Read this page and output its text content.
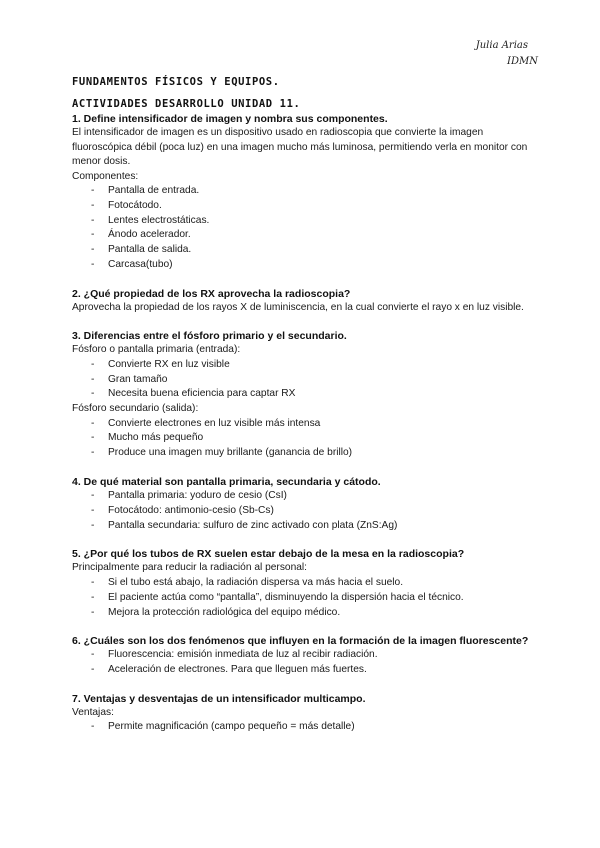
Julia Arias
IDMN
FUNDAMENTOS FÍSICOS Y EQUIPOS.
ACTIVIDADES DESARROLLO UNIDAD 11.
1. Define intensificador de imagen y nombra sus componentes.

El intensificador de imagen es un dispositivo usado en radioscopia que convierte la imagen fluoroscópica débil (poca luz) en una imagen mucho más luminosa, permitiendo verla en monitor con menor dosis.

Componentes:

- Pantalla de entrada.
- Fotocátodo.
- Lentes electrostáticas.
- Ánodo acelerador.
- Pantalla de salida.
- Carcasa(tubo)
2. ¿Qué propiedad de los RX aprovecha la radioscopia?

Aprovecha la propiedad de los rayos X de luminiscencia, en la cual convierte el rayo x en luz visible.

3. Diferencias entre el fósforo primario y el secundario.

Fósforo o pantalla primaria (entrada):

- Convierte RX en luz visible
- Gran tamaño
- Necesita buena eficiencia para captar RX

Fósforo secundario (salida):

- Convierte electrones en luz visible más intensa
- Mucho más pequeño
- Produce una imagen muy brillante (ganancia de brillo)
4. De qué material son pantalla primaria, secundaria y cátodo.
- Pantalla primaria: yoduro de cesio (CsI)
- Fotocátodo: antimonio-cesio (Sb-Cs)
- Pantalla secundaria: sulfuro de zinc activado con plata (ZnS:Ag)
5. ¿Por qué los tubos de RX suelen estar debajo de la mesa en la radioscopia?

Principalmente para reducir la radiación al personal:

- Si el tubo está abajo, la radiación dispersa va más hacia el suelo.
- El paciente actúa como “pantalla”, disminuyendo la dispersión hacia el técnico.
- Mejora la protección radiológica del equipo médico.
6. ¿Cuáles son los dos fenómenos que influyen en la formación de la imagen fluorescente?
- Fluorescencia: emisión inmediata de luz al recibir radiación.
- Aceleración de electrones. Para que lleguen más fuertes.
7. Ventajas y desventajas de un intensificador multicampo.

Ventajas:

- Permite magnificación (campo pequeño = más detalle)
